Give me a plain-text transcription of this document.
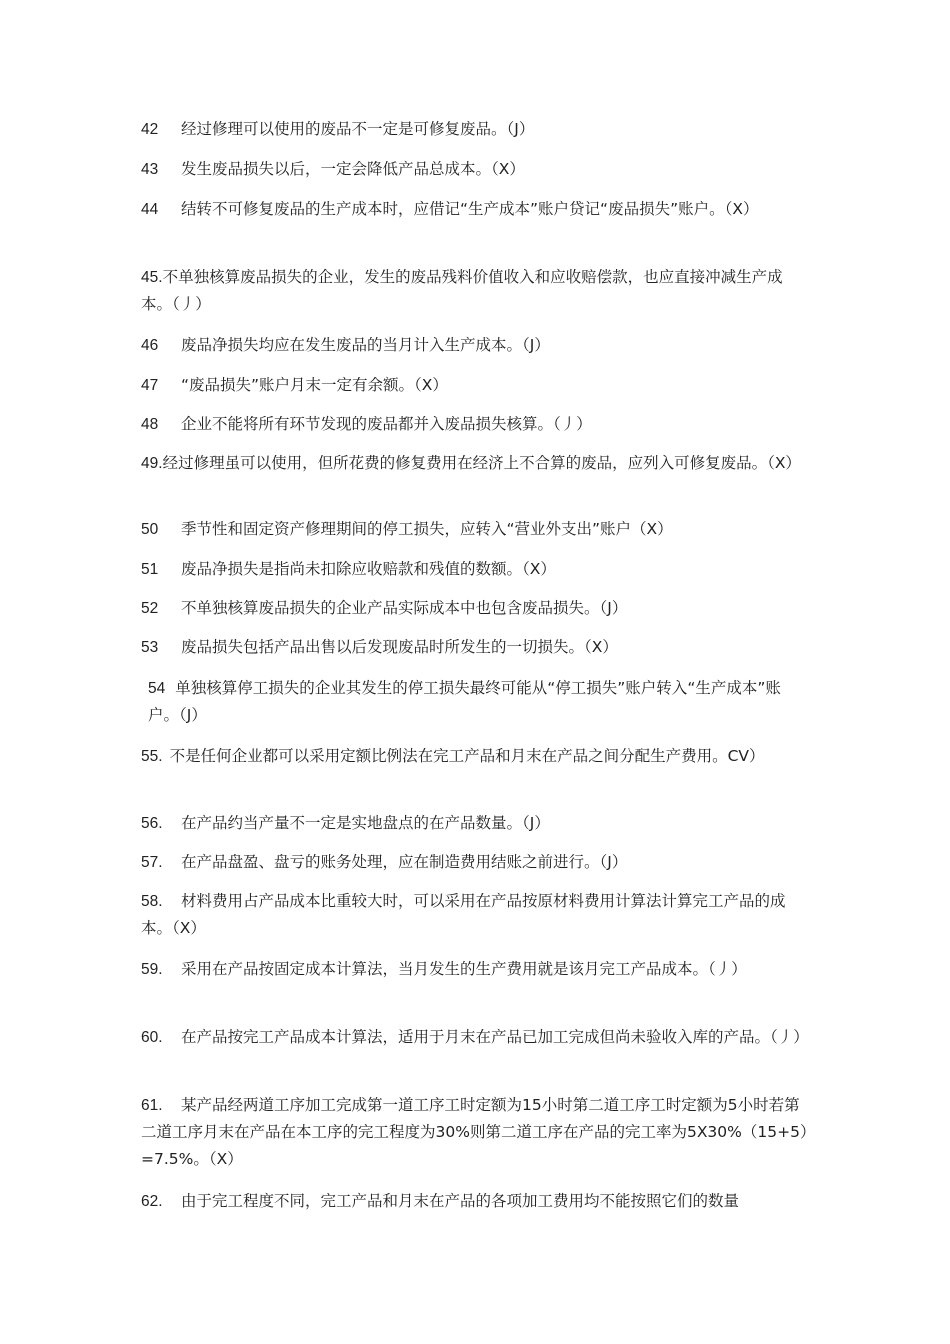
42 经过修理可以使用的废品不一定是可修复废品。（J）

43 发生废品损失以后，一定会降低产品总成本。（X）

44 结转不可修复废品的生产成本时，应借记“生产成本”账户贷记“废品损失”账户。（X）

45.不单独核算废品损失的企业，发生的废品残料价值收入和应收赔偿款，也应直接冲减生产成本。（丿）

46 废品净损失均应在发生废品的当月计入生产成本。（J）

47 “废品损失”账户月末一定有余额。（X）

48 企业不能将所有环节发现的废品都并入废品损失核算。（丿）

49.经过修理虽可以使用，但所花费的修复费用在经济上不合算的废品，应列入可修复废品。（X）

50 季节性和固定资产修理期间的停工损失，应转入“营业外支出”账户（X）

51 废品净损失是指尚未扣除应收赔款和残值的数额。（X）

52 不单独核算废品损失的企业产品实际成本中也包含废品损失。（J）

53 废品损失包括产品出售以后发现废品时所发生的一切损失。（X）

54 单独核算停工损失的企业其发生的停工损失最终可能从“停工损失”账户转入“生产成本”账户。（J）

55. 不是任何企业都可以采用定额比例法在完工产品和月末在产品之间分配生产费用。CV）

56. 在产品约当产量不一定是实地盘点的在产品数量。（J）

57. 在产品盘盈、盘亏的账务处理，应在制造费用结账之前进行。（J）

58. 材料费用占产品成本比重较大时，可以采用在产品按原材料费用计算法计算完工产品的成本。（X）

59. 采用在产品按固定成本计算法，当月发生的生产费用就是该月完工产品成本。（丿）

60. 在产品按完工产品成本计算法，适用于月末在产品已加工完成但尚未验收入库的产品。（丿）

61. 某产品经两道工序加工完成第一道工序工时定额为15小时第二道工序工时定额为5小时若第二道工序月末在产品在本工序的完工程度为30%则第二道工序在产品的完工率为5X30%（15+5）=7.5%。（X）

62. 由于完工程度不同，完工产品和月末在产品的各项加工费用均不能按照它们的数量
